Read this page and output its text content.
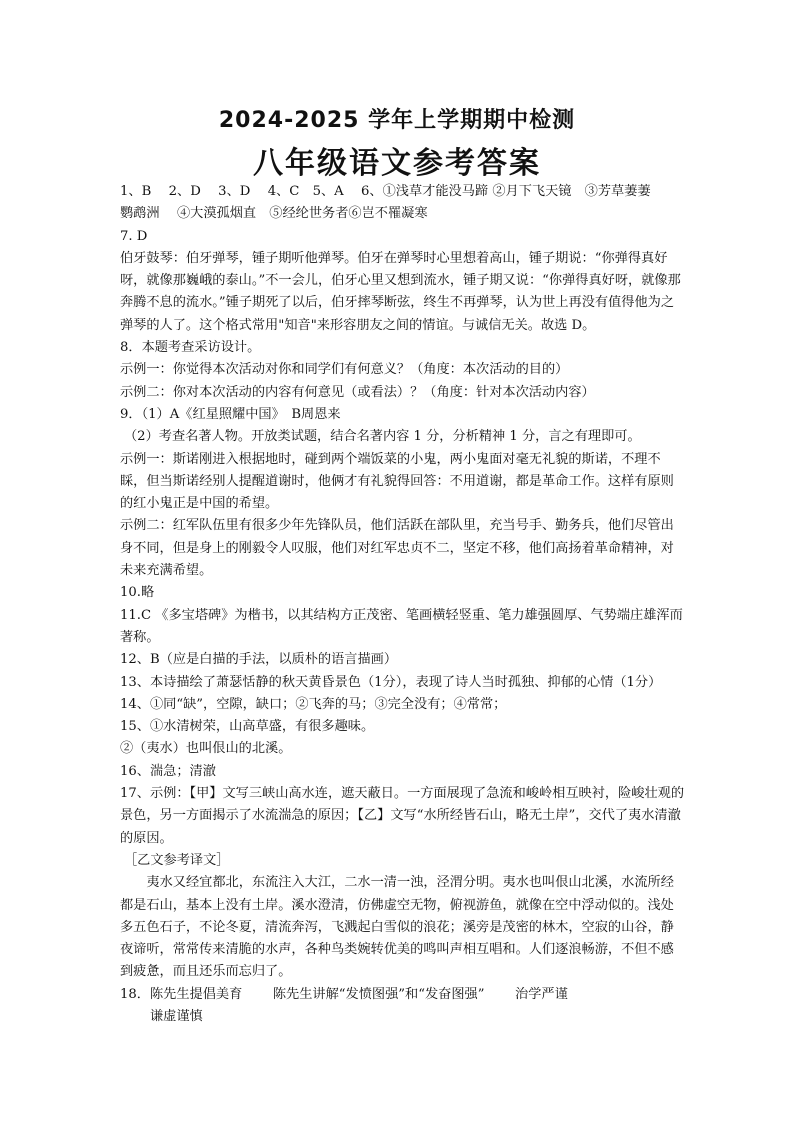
2024-2025 学年上学期期中检测
八年级语文参考答案

1、B　 2、D　 3、D　 4、C　5、A　 6、①浅草才能没马蹄 ②月下飞天镜　③芳草萋萋
鹦鹉洲　 ④大漠孤烟直　⑤经纶世务者⑥岂不罹凝寒

7. D

伯牙鼓琴：伯牙弹琴，锺子期听他弹琴。伯牙在弹琴时心里想着高山，锺子期说：“你弹得真好呀，就像那巍峨的泰山。”不一会儿，伯牙心里又想到流水，锺子期又说：“你弹得真好呀，就像那奔腾不息的流水。”锺子期死了以后，伯牙摔琴断弦，终生不再弹琴，认为世上再没有值得他为之弹琴的人了。这个格式常用"知音"来形容朋友之间的情谊。与诚信无关。故选 D。

8．本题考查采访设计。

示例一：你觉得本次活动对你和同学们有何意义？（角度：本次活动的目的）

示例二：你对本次活动的内容有何意见（或看法）？（角度：针对本次活动内容）

9．（1）A《红星照耀中国》　B周恩来

（2）考查名著人物。开放类试题，结合名著内容 1 分，分析精神 1 分，言之有理即可。

示例一：斯诺刚进入根据地时，碰到两个端饭菜的小鬼，两小鬼面对毫无礼貌的斯诺，不理不睬，但当斯诺经别人提醒道谢时，他俩才有礼貌得回答：不用道谢，都是革命工作。这样有原则的红小鬼正是中国的希望。

示例二：红军队伍里有很多少年先锋队员，他们活跃在部队里，充当号手、勤务兵，他们尽管出身不同，但是身上的刚毅令人叹服，他们对红军忠贞不二，坚定不移，他们高扬着革命精神，对未来充满希望。

10.略

11.C 《多宝塔碑》为楷书，以其结构方正茂密、笔画横轻竖重、笔力雄强圆厚、气势端庄雄浑而著称。

12、B（应是白描的手法，以质朴的语言描画）

13、本诗描绘了萧瑟恬静的秋天黄昏景色（1分），表现了诗人当时孤独、抑郁的心情（1分）

14、①同“缺”，空隙，缺口；②飞奔的马；③完全没有；④常常；

15、①水清树荣，山高草盛，有很多趣味。

②（夷水）也叫佷山的北溪。

16、湍急；清澈

17、示例：【甲】文写三峡山高水连，遮天蔽日。一方面展现了急流和峻岭相互映衬，险峻壮观的景色，另一方面揭示了水流湍急的原因；【乙】文写“水所经皆石山，略无土岸”，交代了夷水清澈的原因。

［乙文参考译文］

夷水又经宜都北，东流注入大江，二水一清一浊，泾渭分明。夷水也叫佷山北溪，水流所经都是石山，基本上没有土岸。溪水澄清，仿佛虚空无物，俯视游鱼，就像在空中浮动似的。浅处多五色石子，不论冬夏，清流奔泻，飞溅起白雪似的浪花；溪旁是茂密的林木，空寂的山谷，静夜谛听，常常传来清脆的水声，各种鸟类婉转优美的鸣叫声相互唱和。人们逐浪畅游，不但不感到疲惫，而且还乐而忘归了。

18．陈先生提倡美育　　 陈先生讲解“发愤图强”和“发奋图强”　　 治学严谨
谦虚谨慎
